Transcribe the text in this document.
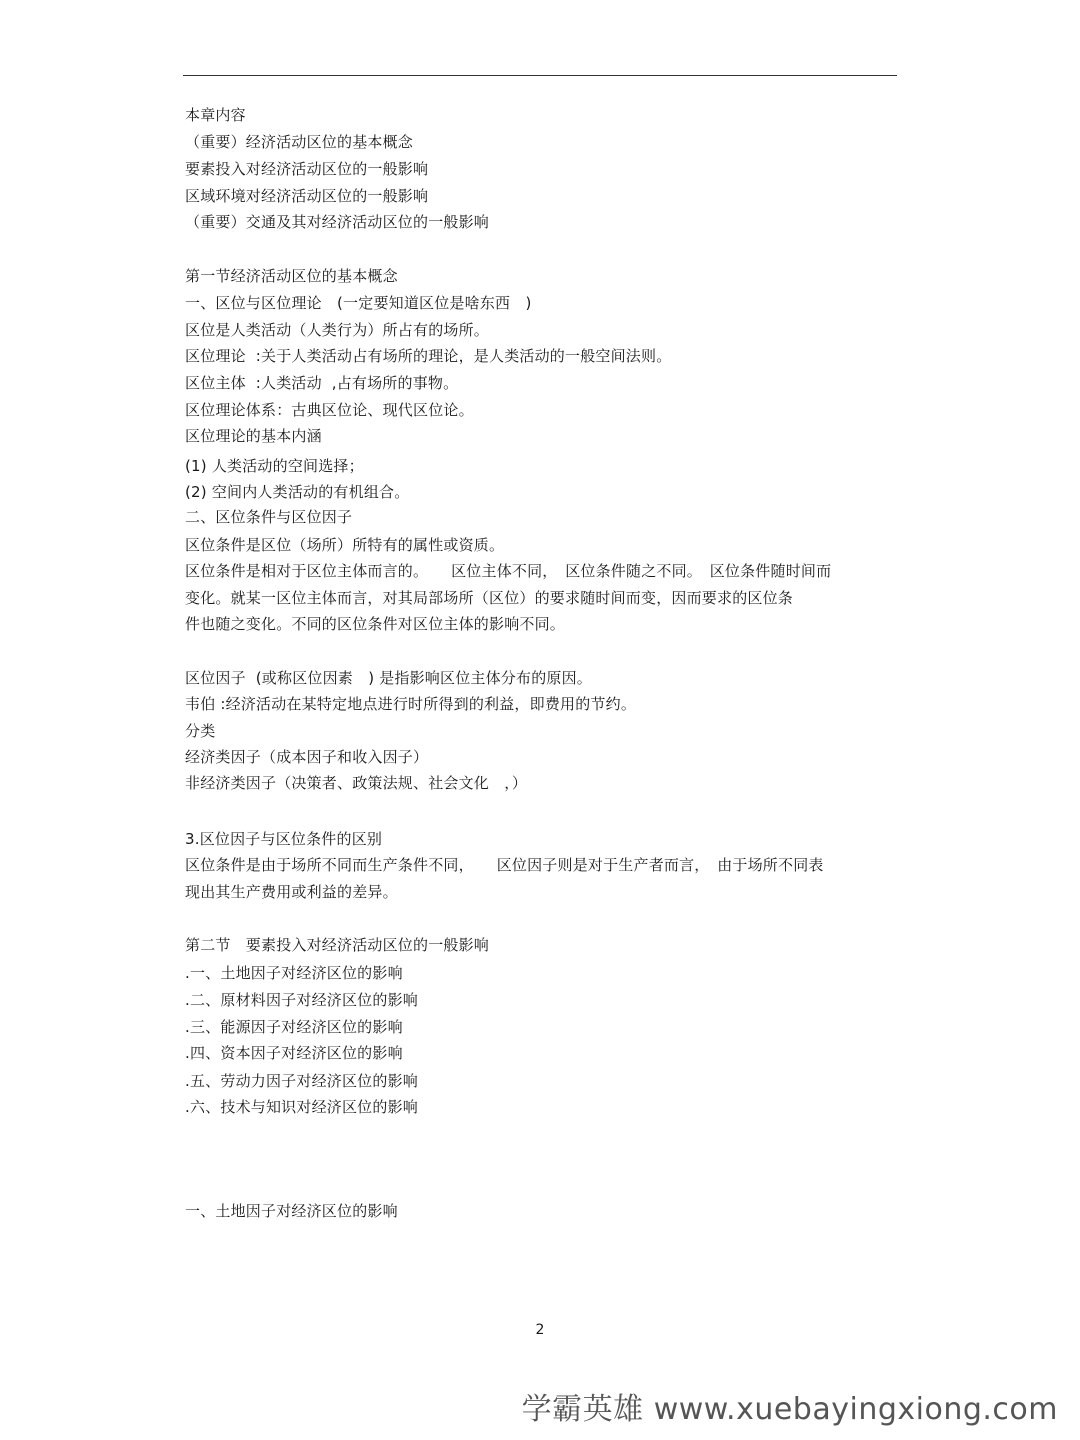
本章内容
（重要）经济活动区位的基本概念
要素投入对经济活动区位的一般影响
区域环境对经济活动区位的一般影响
（重要）交通及其对经济活动区位的一般影响
第一节经济活动区位的基本概念
一、区位与区位理论　(一定要知道区位是啥东西　)
区位是人类活动（人类行为）所占有的场所。
区位理论  :关于人类活动占有场所的理论，是人类活动的一般空间法则。
区位主体  :人类活动  ,占有场所的事物。
区位理论体系：古典区位论、现代区位论。
区位理论的基本内涵
(1) 人类活动的空间选择；
(2) 空间内人类活动的有机组合。
二、区位条件与区位因子
区位条件是区位（场所）所特有的属性或资质。
区位条件是相对于区位主体而言的。　　区位主体不同，　区位条件随之不同。　区位条件随时间而
变化。就某一区位主体而言，对其局部场所（区位）的要求随时间而变，因而要求的区位条
件也随之变化。不同的区位条件对区位主体的影响不同。
区位因子  (或称区位因素　) 是指影响区位主体分布的原因。
韦伯 :经济活动在某特定地点进行时所得到的利益，即费用的节约。
分类
经济类因子（成本因子和收入因子）
非经济类因子（决策者、政策法规、社会文化　，）
3.区位因子与区位条件的区别
区位条件是由于场所不同而生产条件不同，　　区位因子则是对于生产者而言，　由于场所不同表
现出其生产费用或利益的差异。
第二节　要素投入对经济活动区位的一般影响
.一、土地因子对经济区位的影响
.二、原材料因子对经济区位的影响
.三、能源因子对经济区位的影响
.四、资本因子对经济区位的影响
.五、劳动力因子对经济区位的影响
.六、技术与知识对经济区位的影响
一、土地因子对经济区位的影响
2
学霸英雄 www.xuebayingxiong.com
